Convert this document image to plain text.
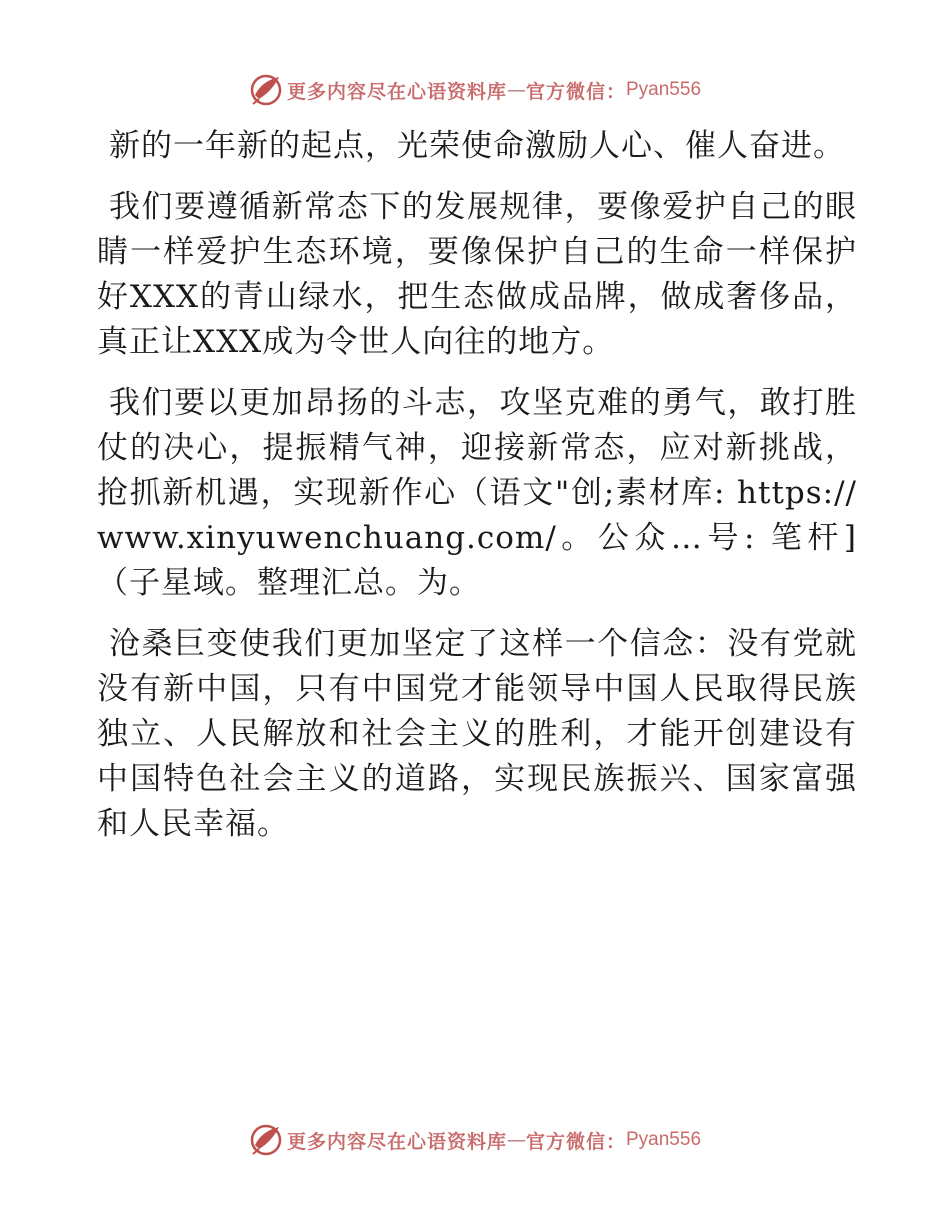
更多内容尽在心语资料库 — 官方微信： Pyan556

新的一年新的起点，光荣使命激励人心、催人奋进。

我们要遵循新常态下的发展规律，要像爱护自己的眼睛一样爱护生态环境，要像保护自己的生命一样保护好XXX的青山绿水，把生态做成品牌，做成奢侈品，真正让XXX成为令世人向往的地方。

我们要以更加昂扬的斗志，攻坚克难的勇气，敢打胜仗的决心，提振精气神，迎接新常态，应对新挑战，抢抓新机遇，实现新作心（语文"创;素材库: https://www.xinyuwenchuang.com/。公众…号: 笔杆]（子星域。整理汇总。为。

沧桑巨变使我们更加坚定了这样一个信念：没有党就没有新中国，只有中国党才能领导中国人民取得民族独立、人民解放和社会主义的胜利，才能开创建设有中国特色社会主义的道路，实现民族振兴、国家富强和人民幸福。

更多内容尽在心语资料库 — 官方微信： Pyan556
